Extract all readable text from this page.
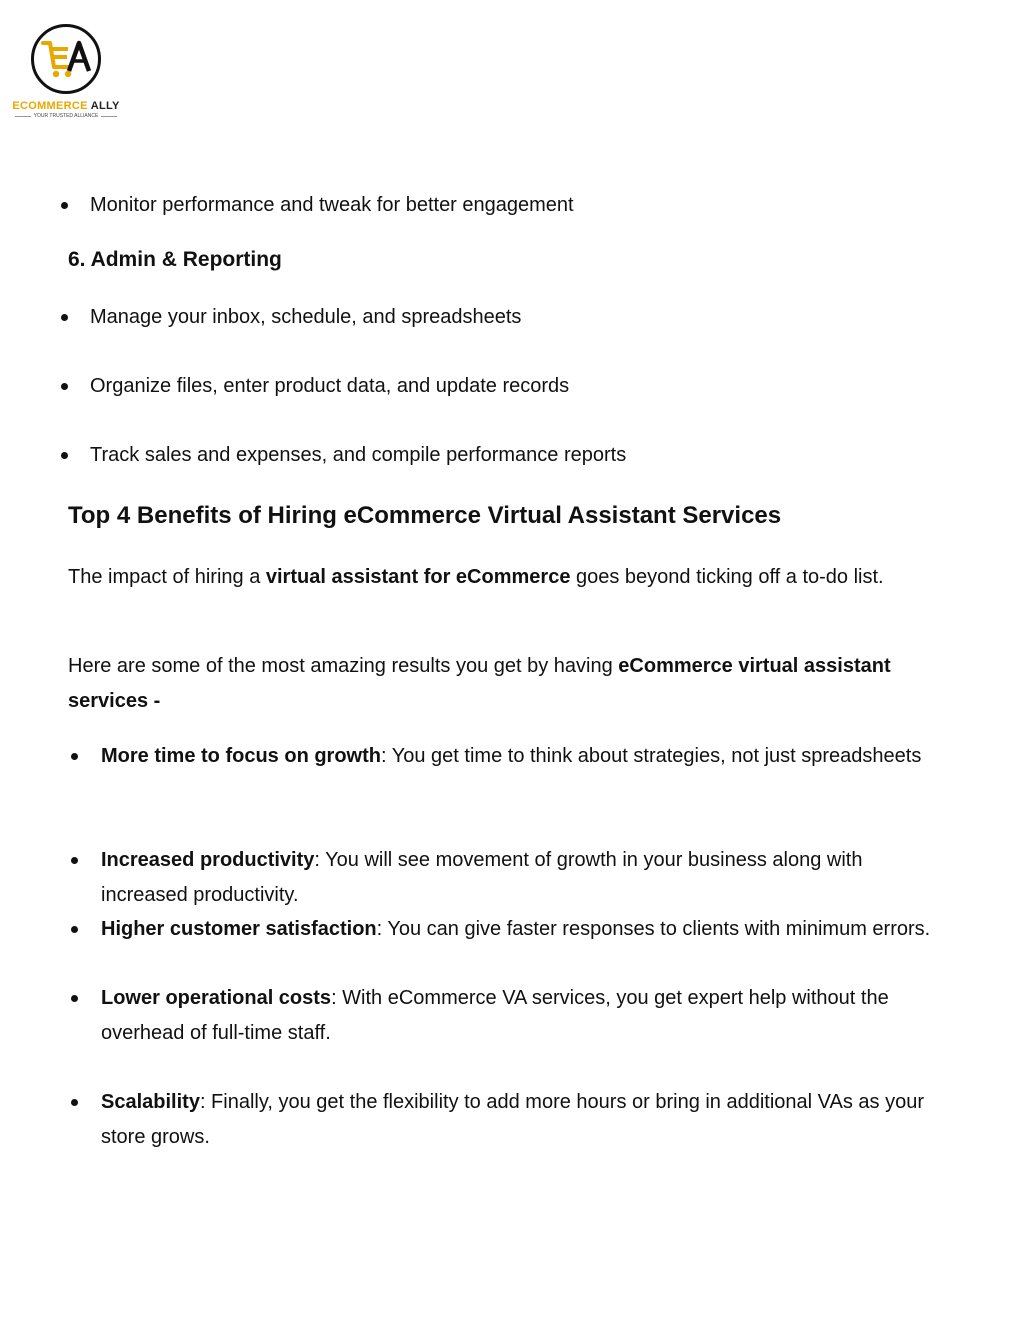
ECOMMERCE ALLY
YOUR TRUSTED ALLIANCE
Monitor performance and tweak for better engagement
6. Admin & Reporting
Manage your inbox, schedule, and spreadsheets
Organize files, enter product data, and update records
Track sales and expenses, and compile performance reports
Top 4 Benefits of Hiring eCommerce Virtual Assistant Services
The impact of hiring a virtual assistant for eCommerce goes beyond ticking off a to-do list.
Here are some of the most amazing results you get by having eCommerce virtual assistant services -
More time to focus on growth: You get time to think about strategies, not just spreadsheets
Increased productivity: You will see movement of growth in your business along with increased productivity.
Higher customer satisfaction: You can give faster responses to clients with minimum errors.
Lower operational costs: With eCommerce VA services, you get expert help without the overhead of full-time staff.
Scalability: Finally, you get the flexibility to add more hours or bring in additional VAs as your store grows.
